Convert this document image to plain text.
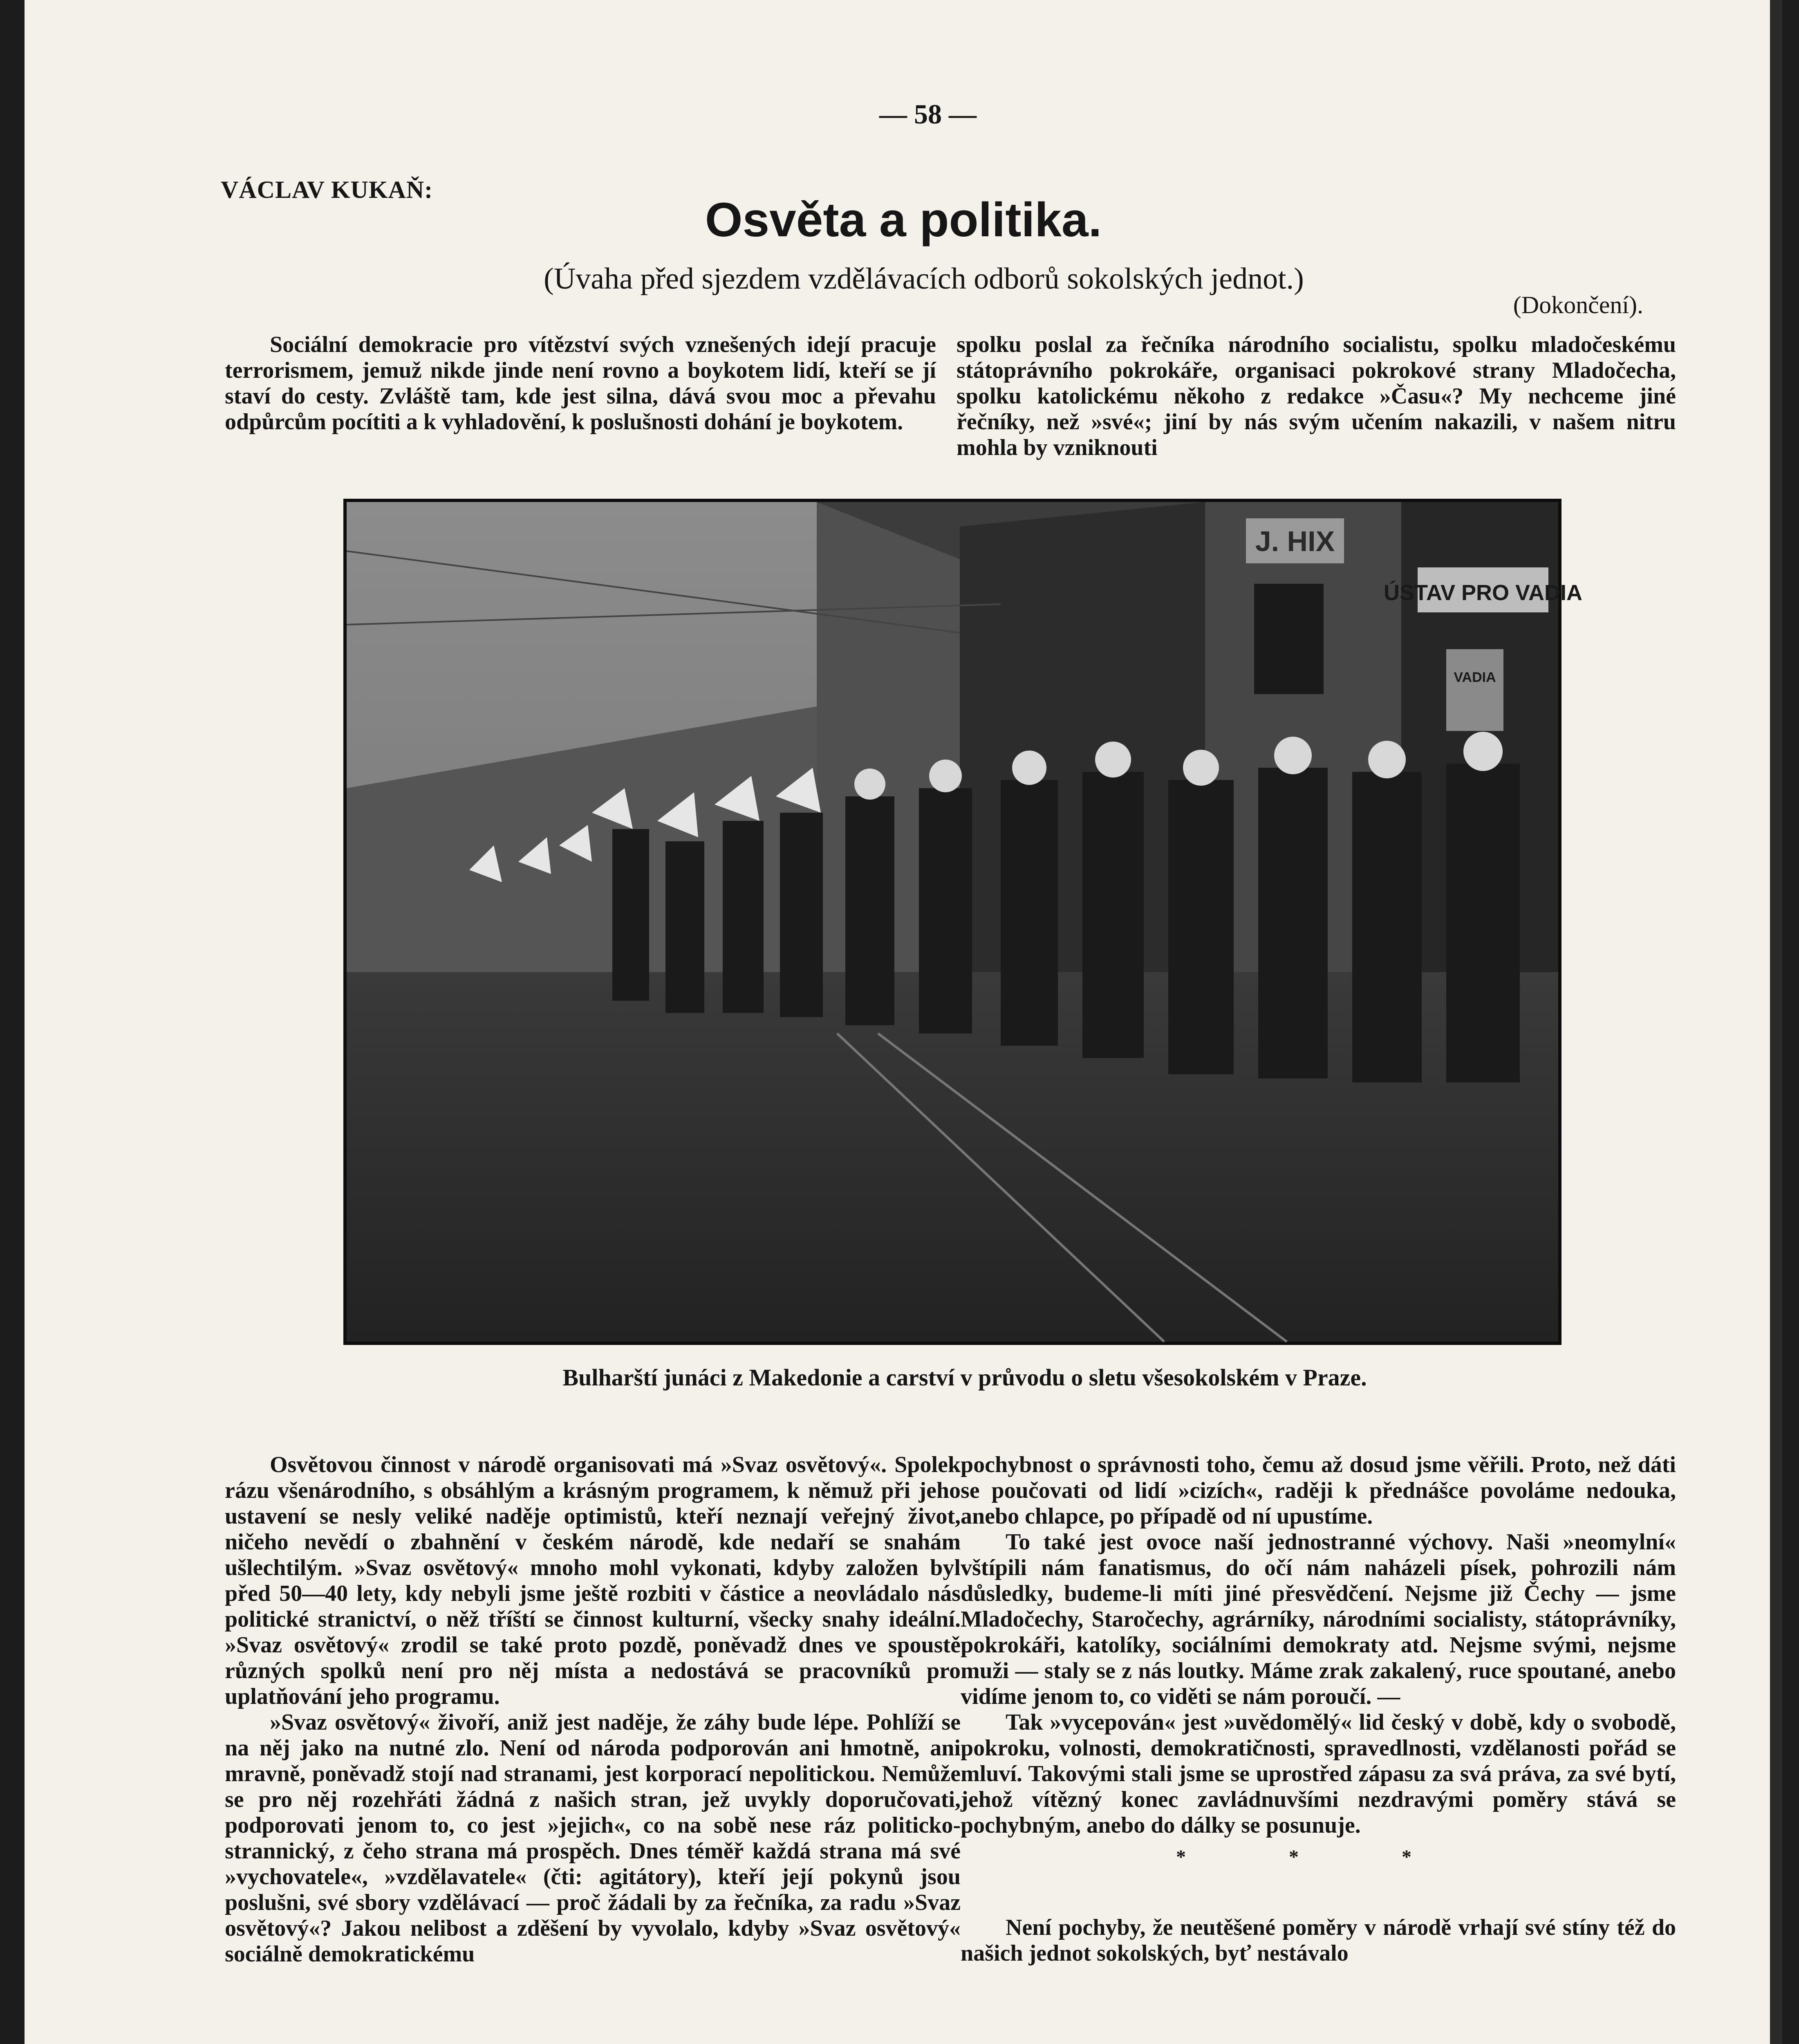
— 58 —
VÁCLAV KUKAŇ:
Osvěta a politika.
(Úvaha před sjezdem vzdělávacích odborů sokolských jednot.)
(Dokončení).

Sociální demokracie pro vítězství svých vznešených idejí pracuje terrorismem, jemuž nikde jinde není rovno a boykotem lidí, kteří se jí staví do cesty. Zvláště tam, kde jest silna, dává svou moc a převahu odpůrcům pocítiti a k vyhladovění, k poslušnosti dohání je boykotem.

spolku poslal za řečníka národního socialistu, spolku mladočeskému státoprávního pokrokáře, organisaci pokrokové strany Mladočecha, spolku katolickému někoho z redakce »Času«? My nechceme jiné řečníky, než »své«; jiní by nás svým učením nakazili, v našem nitru mohla by vzniknouti

J. HIX
ÚSTAV PRO VADIA
VADIA
Bulharští junáci z Makedonie a carství v průvodu o sletu všesokolském v Praze.

Osvětovou činnost v národě organisovati má »Svaz osvětový«. Spolek rázu všenárodního, s obsáhlým a krásným programem, k němuž při jeho ustavení se nesly veliké naděje optimistů, kteří neznají veřejný život, ničeho nevědí o zbahnění v českém národě, kde nedaří se snahám ušlechtilým. »Svaz osvětový« mnoho mohl vykonati, kdyby založen byl před 50—40 lety, kdy nebyli jsme ještě rozbiti v částice a neovládalo nás politické stranictví, o něž tříští se činnost kulturní, všecky snahy ideální. »Svaz osvětový« zrodil se také proto pozdě, poněvadž dnes ve spoustě různých spolků není pro něj místa a nedostává se pracovníků pro uplatňování jeho programu.

»Svaz osvětový« živoří, aniž jest naděje, že záhy bude lépe. Pohlíží se na něj jako na nutné zlo. Není od národa podporován ani hmotně, ani mravně, poněvadž stojí nad stranami, jest korporací nepolitickou. Nemůže se pro něj rozehřáti žádná z našich stran, jež uvykly doporučovati, podporovati jenom to, co jest »jejich«, co na sobě nese ráz politicko-strannický, z čeho strana má prospěch. Dnes téměř každá strana má své »vychovatele«, »vzdělavatele« (čti: agitátory), kteří její pokynů jsou poslušni, své sbory vzdělávací — proč žádali by za řečníka, za radu »Svaz osvětový«? Jakou nelibost a zděšení by vyvolalo, kdyby »Svaz osvětový« sociálně demokratickému

pochybnost o správnosti toho, čemu až dosud jsme věřili. Proto, než dáti se poučovati od lidí »cizích«, raději k přednášce povoláme nedouka, anebo chlapce, po případě od ní upustíme.

To také jest ovoce naší jednostranné výchovy. Naši »neomylní« vštípili nám fanatismus, do očí nám naházeli písek, pohrozili nám důsledky, budeme-li míti jiné přesvědčení. Nejsme již Čechy — jsme Mladočechy, Staročechy, agrárníky, národními socialisty, státoprávníky, pokrokáři, katolíky, sociálními demokraty atd. Nejsme svými, nejsme muži — staly se z nás loutky. Máme zrak zakalený, ruce spoutané, anebo vidíme jenom to, co viděti se nám poroučí. —

Tak »vycepován« jest »uvědomělý« lid český v době, kdy o svobodě, pokroku, volnosti, demokratičnosti, spravedlnosti, vzdělanosti pořád se mluví. Takovými stali jsme se uprostřed zápasu za svá práva, za své bytí, jehož vítězný konec zavládnuvšími nezdravými poměry stává se pochybným, anebo do dálky se posunuje.

* * *

Není pochyby, že neutěšené poměry v národě vrhají své stíny též do našich jednot sokolských, byť nestávalo
